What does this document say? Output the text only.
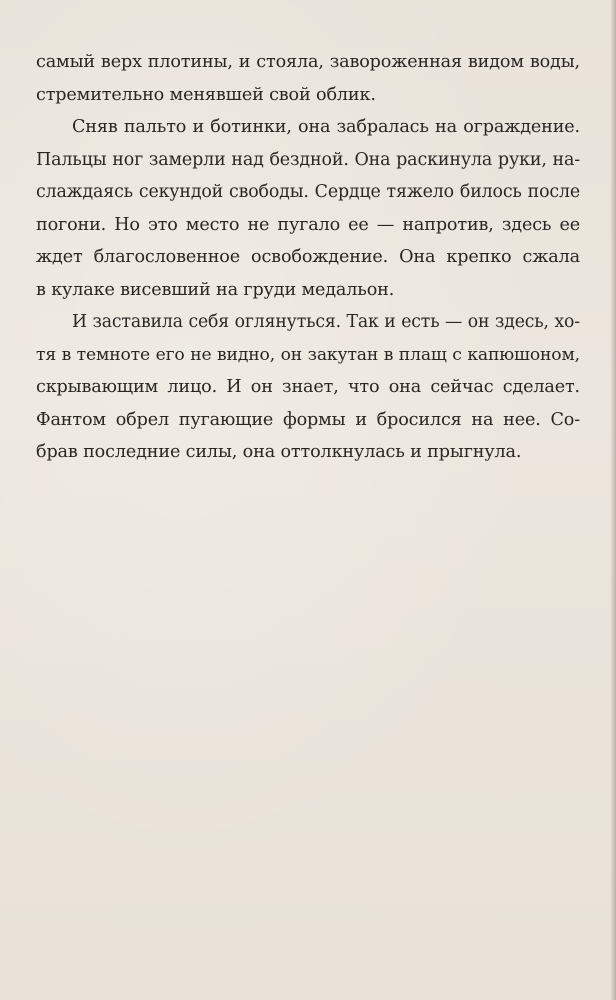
самый верх плотины, и стояла, завороженная видом воды,
стремительно менявшей свой облик.
Сняв пальто и ботинки, она забралась на ограждение.
Пальцы ног замерли над бездной. Она раскинула руки, на-
слаждаясь секундой свободы. Сердце тяжело билось после
погони. Но это место не пугало ее — напротив, здесь ее
ждет благословенное освобождение. Она крепко сжала
в кулаке висевший на груди медальон.
И заставила себя оглянуться. Так и есть — он здесь, хо-
тя в темноте его не видно, он закутан в плащ с капюшоном,
скрывающим лицо. И он знает, что она сейчас сделает.
Фантом обрел пугающие формы и бросился на нее. Со-
брав последние силы, она оттолкнулась и прыгнула.
